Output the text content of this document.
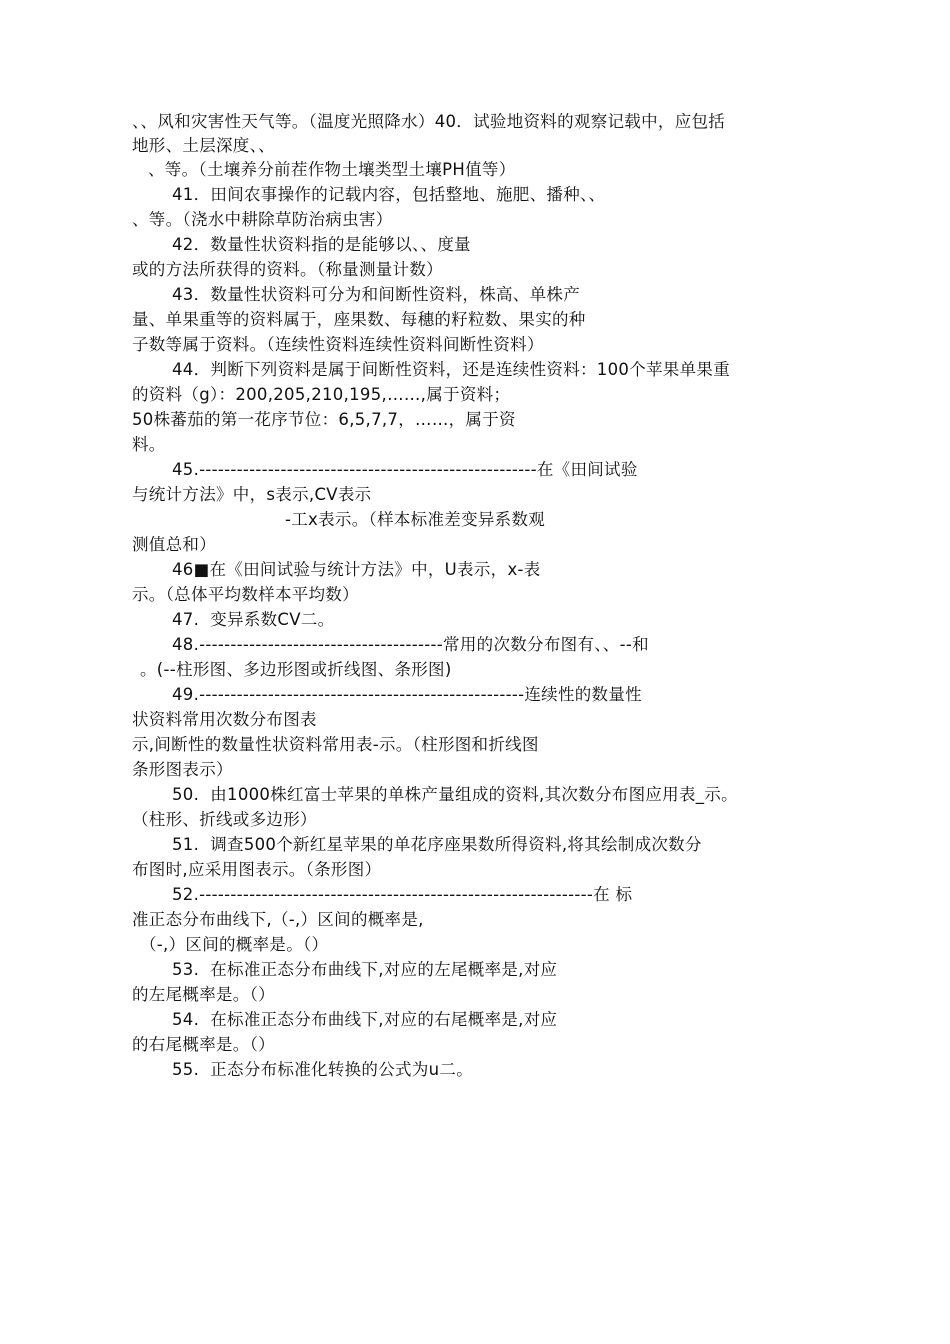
、、风和灾害性天气等。（温度光照降水）40．试验地资料的观察记载中，应包括
地形、土层深度、、
、等。（土壤养分前茬作物土壤类型土壤PH值等）
41．田间农事操作的记载内容，包括整地、施肥、播种、、
、等。（浇水中耕除草防治病虫害）
42．数量性状资料指的是能够以、、度量
或的方法所获得的资料。（称量测量计数）
43．数量性状资料可分为和间断性资料，株高、单株产
量、单果重等的资料属于，座果数、每穗的籽粒数、果实的种
子数等属于资料。（连续性资料连续性资料间断性资料）
44．判断下列资料是属于间断性资料，还是连续性资料：100个苹果单果重
的资料（g）：200,205,210,195,……,属于资料；
50株蕃茄的第一花序节位：6,5,7,7，……，属于资
料。
45.------------------------------------------------------在《田间试验
与统计方法》中，s表示,CV表示
-工x表示。（样本标准差变异系数观
测值总和）
46■在《田间试验与统计方法》中，U表示，x-表
示。（总体平均数样本平均数）
47.  变异系数CV二。
48.---------------------------------------常用的次数分布图有、、--和
。(--柱形图、多边形图或折线图、条形图)
49.----------------------------------------------------连续性的数量性
状资料常用次数分布图表
示,间断性的数量性状资料常用表-示。（柱形图和折线图
条形图表示）
50.  由1000株红富士苹果的单株产量组成的资料,其次数分布图应用表_示。
（柱形、折线或多边形）
51.  调查500个新红星苹果的单花序座果数所得资料,将其绘制成次数分
布图时,应采用图表示。（条形图）
52.---------------------------------------------------------------在 标
准正态分布曲线下,（-,）区间的概率是,
（-,）区间的概率是。（）
53.  在标准正态分布曲线下,对应的左尾概率是,对应
的左尾概率是。（）
54.  在标准正态分布曲线下,对应的右尾概率是,对应
的右尾概率是。（）
55.  正态分布标准化转换的公式为u二。
